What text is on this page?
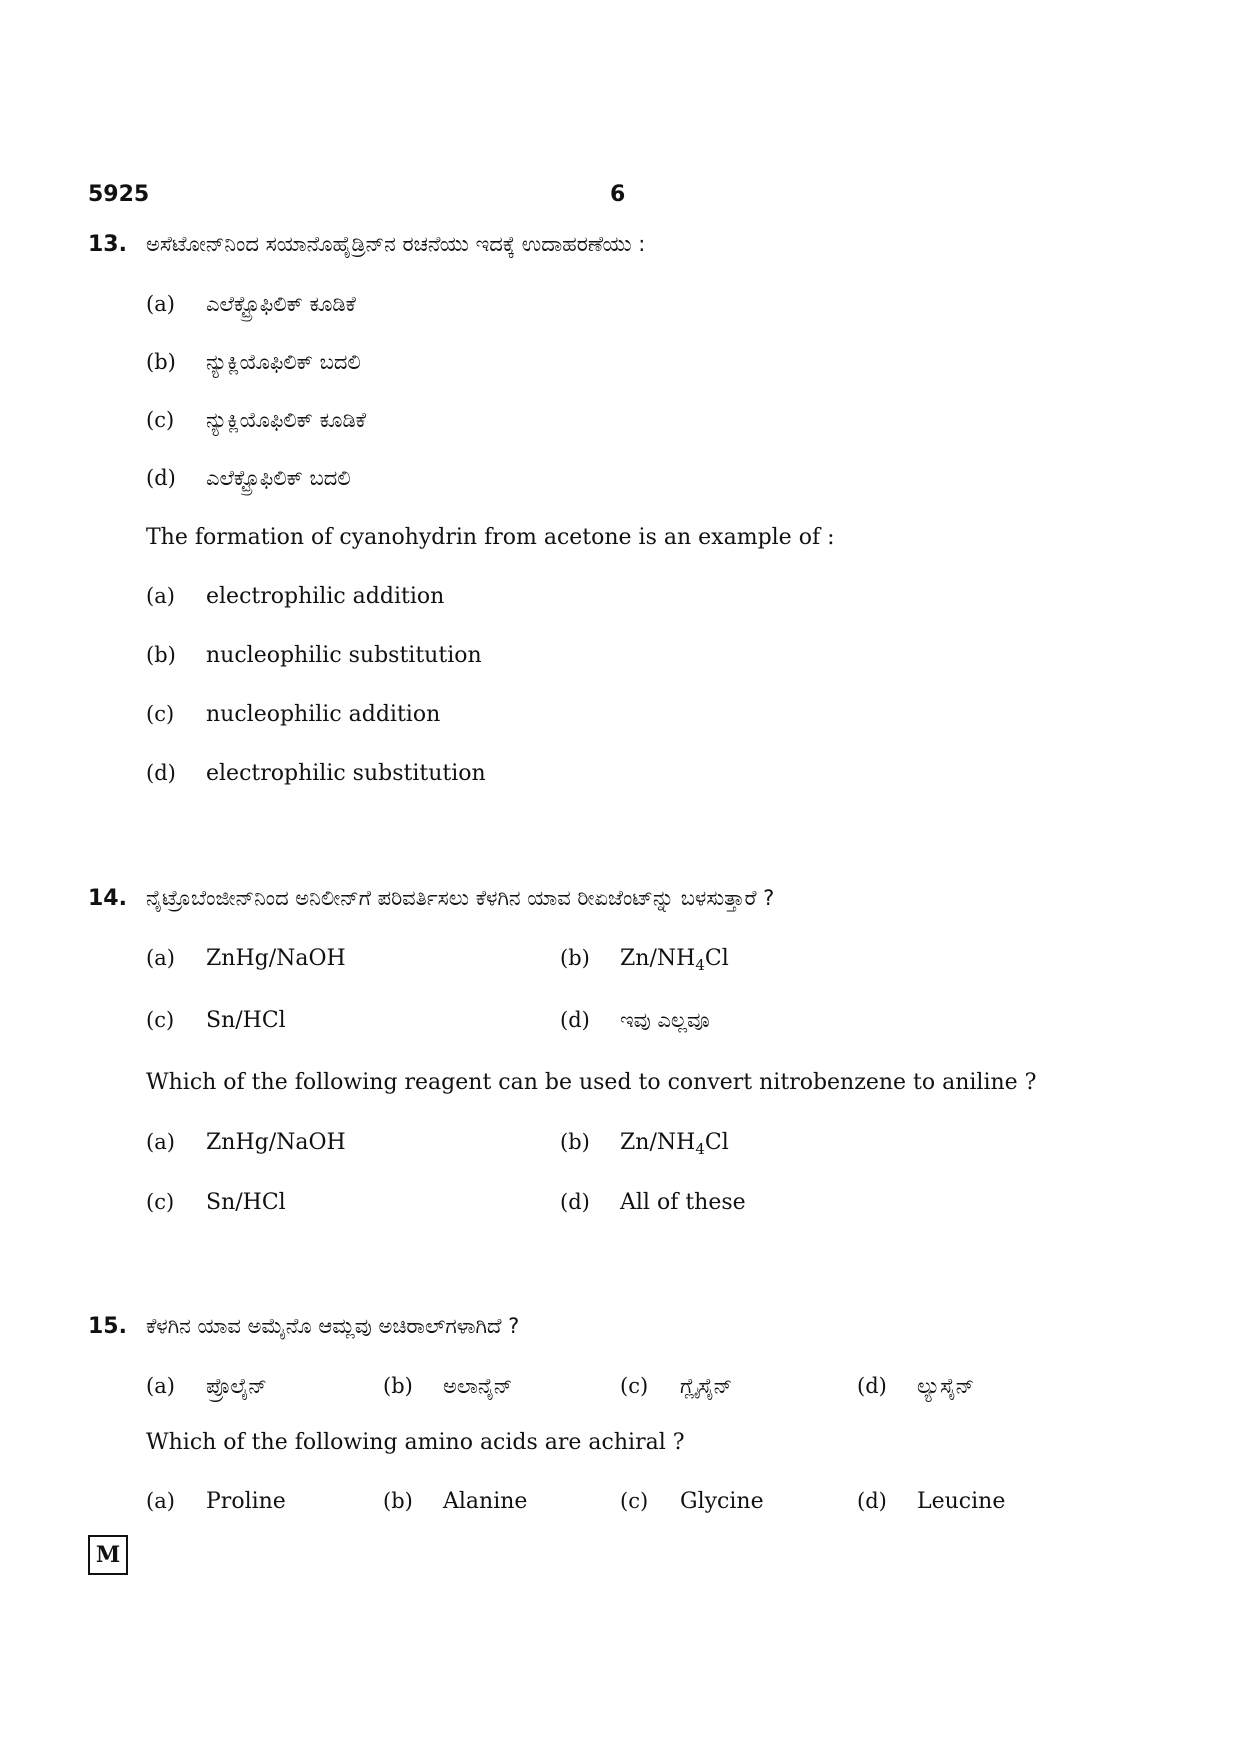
5925	6
13. ಅಸೆಟೋನ್‌ನಿಂದ ಸಯಾನೊಹೈಡ್ರಿನ್‌ನ ರಚನೆಯು ಇದಕ್ಕೆ ಉದಾಹರಣೆಯು :
(a) ಎಲೆಕ್ಟ್ರೊಫಿಲಿಕ್ ಕೂಡಿಕೆ
(b) ನ್ಯುಕ್ಲಿಯೊಫಿಲಿಕ್ ಬದಲಿ
(c) ನ್ಯುಕ್ಲಿಯೊಫಿಲಿಕ್ ಕೂಡಿಕೆ
(d) ಎಲೆಕ್ಟ್ರೊಫಿಲಿಕ್ ಬದಲಿ
The formation of cyanohydrin from acetone is an example of :
(a) electrophilic addition
(b) nucleophilic substitution
(c) nucleophilic addition
(d) electrophilic substitution
14. ನೈಟ್ರೊಬೆಂಜೀನ್‌ನಿಂದ ಅನಿಲೀನ್‌ಗೆ ಪರಿವರ್ತಿಸಲು ಕೆಳಗಿನ ಯಾವ ರೀಏಜೆಂಟ್‌ನ್ನು ಬಳಸುತ್ತಾರೆ ?
(a) ZnHg/NaOH	(b) $Zn/NH_4Cl$
(c) Sn/HCl	(d) ಇವು ಎಲ್ಲವೂ
Which of the following reagent can be used to convert nitrobenzene to aniline ?
(a) ZnHg/NaOH	(b) $Zn/NH_4Cl$
(c) Sn/HCl	(d) All of these
15. ಕೆಳಗಿನ ಯಾವ ಅಮೈನೊ ಆಮ್ಲವು ಅಚಿರಾಲ್‌ಗಳಾಗಿದೆ ?
(a) ಪ್ರೊಲೈನ್	(b) ಅಲಾನೈನ್	(c) ಗ್ಲೈಸೈನ್	(d) ಲ್ಯುಸೈನ್
Which of the following amino acids are achiral ?
(a) Proline	(b) Alanine	(c) Glycine	(d) Leucine
M
